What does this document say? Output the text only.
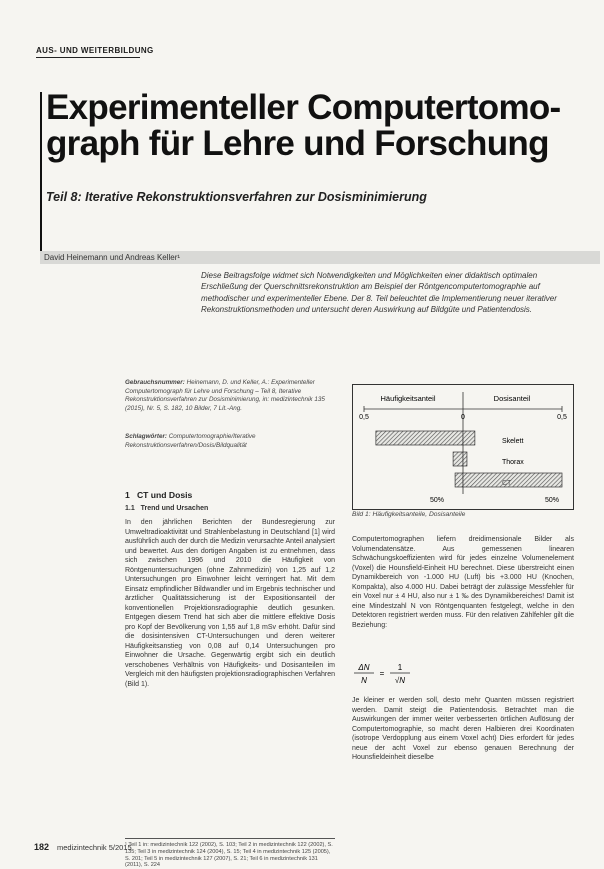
AUS- UND WEITERBILDUNG
Experimenteller Computertomo-graph für Lehre und Forschung
Teil 8: Iterative Rekonstruktionsverfahren zur Dosisminimierung
David Heinemann und Andreas Keller¹
Diese Beitragsfolge widmet sich Notwendigkeiten und Möglichkeiten einer didaktisch optimalen Erschließung der Querschnittsrekonstruktion am Beispiel der Röntgencomputertomographie auf methodischer und experimenteller Ebene. Der 8. Teil beleuchtet die Implementierung neuer iterativer Rekonstruktionsmethoden und untersucht deren Auswirkung auf Bildgüte und Patientendosis.
Gebrauchsnummer: Heinemann, D. und Keller, A.: Experimenteller Computertomograph für Lehre und Forschung – Teil 8, Iterative Rekonstruktionsverfahren zur Dosisminimierung, in: medizintechnik 135 (2015), Nr. 5, S. 182, 10 Bilder, 7 Lit.-Ang.
Schlagwörter: Computertomographie/Iterative Rekonstruktionsverfahren/Dosis/Bildqualität
1 CT und Dosis
1.1 Trend und Ursachen
In den jährlichen Berichten der Bundesregierung zur Umweltradioaktivität und Strahlenbelastung in Deutschland [1] wird ausführlich auch der durch die Medizin verursachte Anteil analysiert und bewertet. Aus den dortigen Angaben ist zu entnehmen, dass sich zwischen 1996 und 2010 die Häufigkeit von Röntgenuntersuchungen (ohne Zahnmedizin) von 1,25 auf 1,2 Untersuchungen pro Einwohner leicht verringert hat. Mit dem Einsatz empfindlicher Bildwandler und im Ergebnis technischer und ärztlicher Qualitätssicherung ist der Expositionsanteil der konventionellen Projektionsradiographie deutlich gesunken. Entgegen diesem Trend hat sich aber die mittlere effektive Dosis pro Kopf der Bevölkerung von 1,55 auf 1,8 mSv erhöht. Dafür sind die dosisintensiven CT-Untersuchungen und deren weiterer Häufigkeitsanstieg von 0,08 auf 0,14 Untersuchungen pro Einwohner die Ursache. Gegenwärtig ergibt sich ein deutlich verschobenes Verhältnis von Häufigkeits- und Dosisanteilen im Vergleich mit den häufigsten projektionsradiographischen Verfahren (Bild 1).
¹ Teil 1 in: medizintechnik 122 (2002), S. 103; Teil 2 in medizintechnik 122 (2002), S. 135; Teil 3 in medizintechnik 124 (2004), S. 15; Teil 4 in medizintechnik 125 (2005), S. 201; Teil 5 in medizintechnik 127 (2007), S. 21; Teil 6 in medizintechnik 131 (2011), S. 224
182 medizintechnik 5/2015
Häufigkeitsanteil	Dosisanteil
0,5	0	0,5
Skelett
Thorax
CT
50%	50%
Bild 1: Häufigkeitsanteile, Dosisanteile
Computertomographen liefern dreidimensionale Bilder als Volumendatensätze. Aus gemessenen linearen Schwächungskoeffizienten wird für jedes einzelne Volumenelement (Voxel) die Hounsfield-Einheit HU berechnet. Diese überstreicht einen Dynamikbereich von -1.000 HU (Luft) bis +3.000 HU (Knochen, Kompakta), also 4.000 HU. Dabei beträgt der zulässige Messfehler für ein Voxel nur ± 4 HU, also nur ± 1 ‰ des Dynamikbereiches! Damit ist eine Mindestzahl N von Röntgenquanten festgelegt, welche in den Detektoren registriert werden muss. Für den relativen Zählfehler gilt die Beziehung:
ΔN
N
=
1
√N
Je kleiner er werden soll, desto mehr Quanten müssen registriert werden. Damit steigt die Patientendosis. Betrachtet man die Auswirkungen der immer weiter verbesserten örtlichen Auflösung der Computertomographie, so macht deren Halbieren drei Koordinaten (isotrope Verdopplung aus einem Voxel acht) Dies erfordert für jedes neue der acht Voxel zur ebenso genauen Berechnung der Hounsfieldeinheit dieselbe
